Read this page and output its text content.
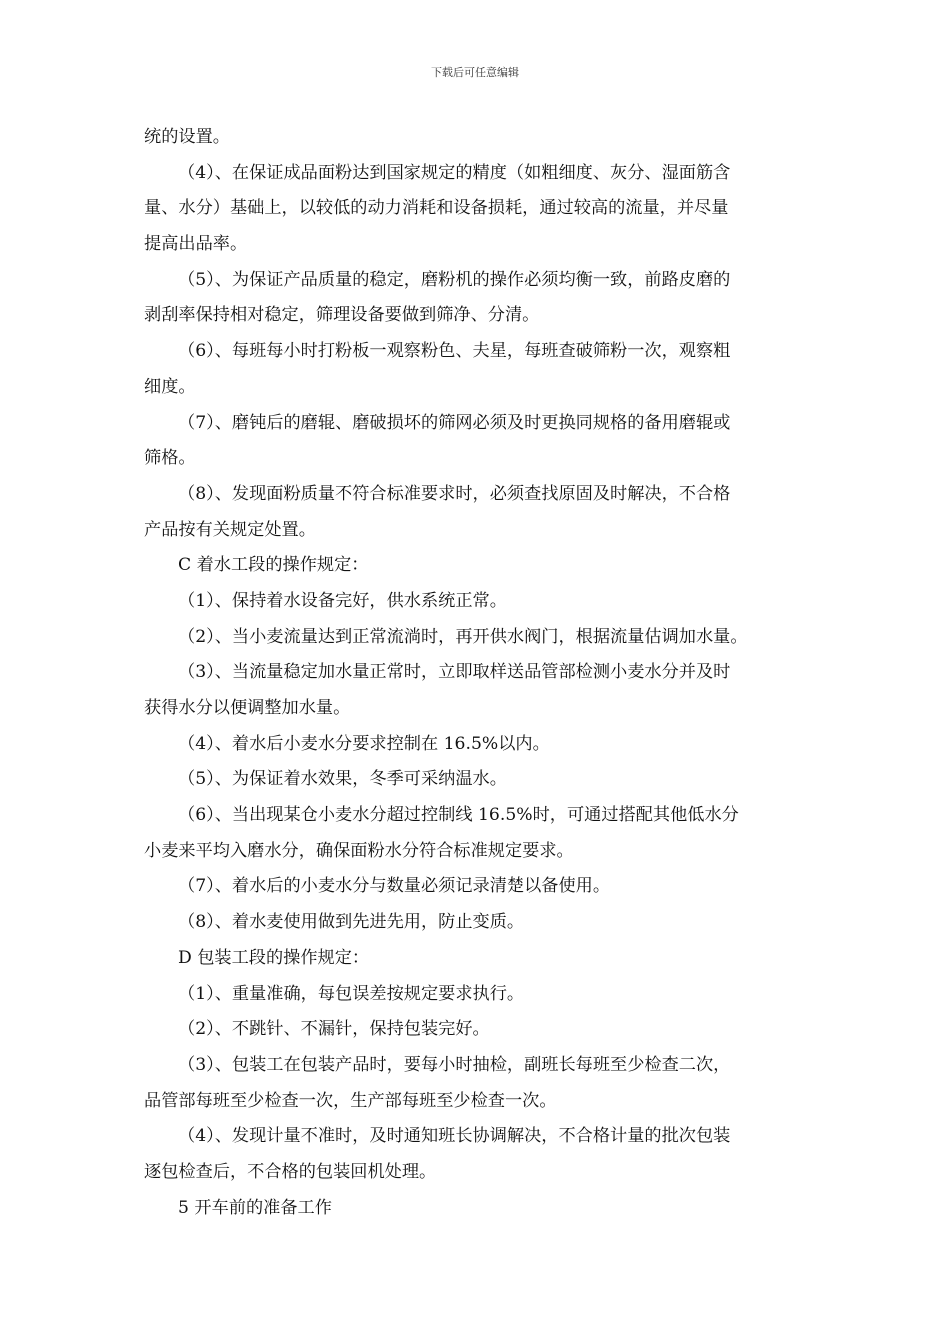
下载后可任意编辑
统的设置。
（4）、在保证成品面粉达到国家规定的精度（如粗细度、灰分、湿面筋含
量、水分）基础上，以较低的动力消耗和设备损耗，通过较高的流量，并尽量
提高出品率。
（5）、为保证产品质量的稳定，磨粉机的操作必须均衡一致，前路皮磨的
剥刮率保持相对稳定，筛理设备要做到筛净、分清。
（6）、每班每小时打粉板一观察粉色、夫星，每班查破筛粉一次，观察粗
细度。
（7）、磨钝后的磨辊、磨破损坏的筛网必须及时更换同规格的备用磨辊或
筛格。
（8）、发现面粉质量不符合标准要求时，必须查找原固及时解决，不合格
产品按有关规定处置。
C 着水工段的操作规定：
（1）、保持着水设备完好，供水系统正常。
（2）、当小麦流量达到正常流淌时，再开供水阀门，根据流量估调加水量。
（3）、当流量稳定加水量正常时，立即取样送品管部检测小麦水分并及时
获得水分以便调整加水量。
（4）、着水后小麦水分要求控制在 16.5%以内。
（5）、为保证着水效果，冬季可采纳温水。
（6）、当出现某仓小麦水分超过控制线 16.5%时，可通过搭配其他低水分
小麦来平均入磨水分，确保面粉水分符合标准规定要求。
（7）、着水后的小麦水分与数量必须记录清楚以备使用。
（8）、着水麦使用做到先进先用，防止变质。
D 包装工段的操作规定：
（1）、重量准确，每包误差按规定要求执行。
（2）、不跳针、不漏针，保持包装完好。
（3）、包装工在包装产品时，要每小时抽检，副班长每班至少检查二次，
品管部每班至少检查一次，生产部每班至少检查一次。
（4）、发现计量不准时，及时通知班长协调解决，不合格计量的批次包装
逐包检查后，不合格的包装回机处理。
5 开车前的准备工作
